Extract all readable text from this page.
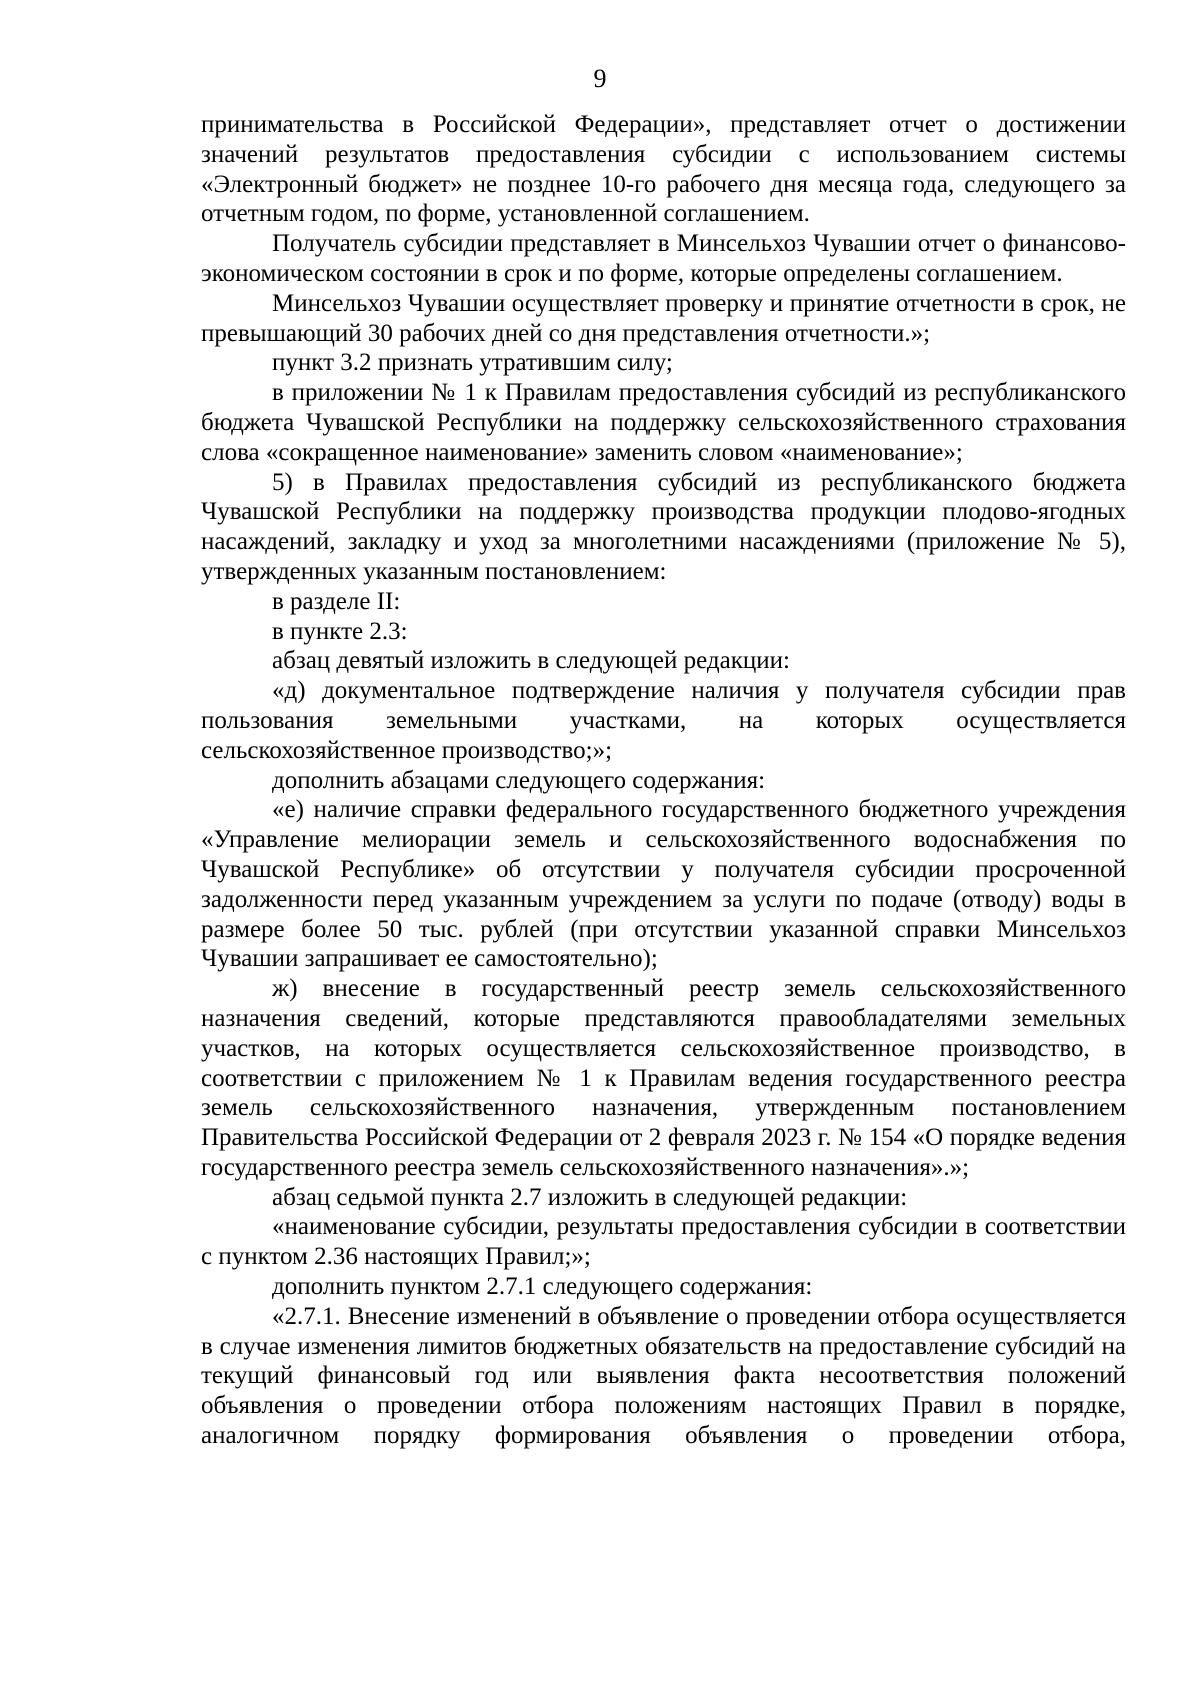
9

принимательства в Российской Федерации», представляет отчет о достижении значений результатов предоставления субсидии с использованием системы «Электронный бюджет» не позднее 10-го рабочего дня месяца года, следующего за отчетным годом, по форме, установленной соглашением.

Получатель субсидии представляет в Минсельхоз Чувашии отчет о финансово-экономическом состоянии в срок и по форме, которые определены соглашением.

Минсельхоз Чувашии осуществляет проверку и принятие отчетности в срок, не превышающий 30 рабочих дней со дня представления отчетности.»;

пункт 3.2 признать утратившим силу;

в приложении № 1 к Правилам предоставления субсидий из республиканского бюджета Чувашской Республики на поддержку сельскохозяйственного страхования слова «сокращенное наименование» заменить словом «наименование»;

5) в Правилах предоставления субсидий из республиканского бюджета Чувашской Республики на поддержку производства продукции плодово-ягодных насаждений, закладку и уход за многолетними насаждениями (приложение № 5), утвержденных указанным постановлением:

в разделе II:

в пункте 2.3:

абзац девятый изложить в следующей редакции:

«д) документальное подтверждение наличия у получателя субсидии прав пользования земельными участками, на которых осуществляется сельскохозяйственное производство;»;

дополнить абзацами следующего содержания:

«е) наличие справки федерального государственного бюджетного учреждения «Управление мелиорации земель и сельскохозяйственного водоснабжения по Чувашской Республике» об отсутствии у получателя субсидии просроченной задолженности перед указанным учреждением за услуги по подаче (отводу) воды в размере более 50 тыс. рублей (при отсутствии указанной справки Минсельхоз Чувашии запрашивает ее самостоятельно);

ж) внесение в государственный реестр земель сельскохозяйственного назначения сведений, которые представляются правообладателями земельных участков, на которых осуществляется сельскохозяйственное производство, в соответствии с приложением № 1 к Правилам ведения государственного реестра земель сельскохозяйственного назначения, утвержденным постановлением Правительства Российской Федерации от 2 февраля 2023 г. № 154 «О порядке ведения государственного реестра земель сельскохозяйственного назначения».»;

абзац седьмой пункта 2.7 изложить в следующей редакции:

«наименование субсидии, результаты предоставления субсидии в соответствии с пунктом 2.36 настоящих Правил;»;

дополнить пунктом 2.7.1 следующего содержания:

«2.7.1. Внесение изменений в объявление о проведении отбора осуществляется в случае изменения лимитов бюджетных обязательств на предоставление субсидий на текущий финансовый год или выявления факта несоответствия положений объявления о проведении отбора положениям настоящих Правил в порядке, аналогичном порядку формирования объявления о проведении отбора,
